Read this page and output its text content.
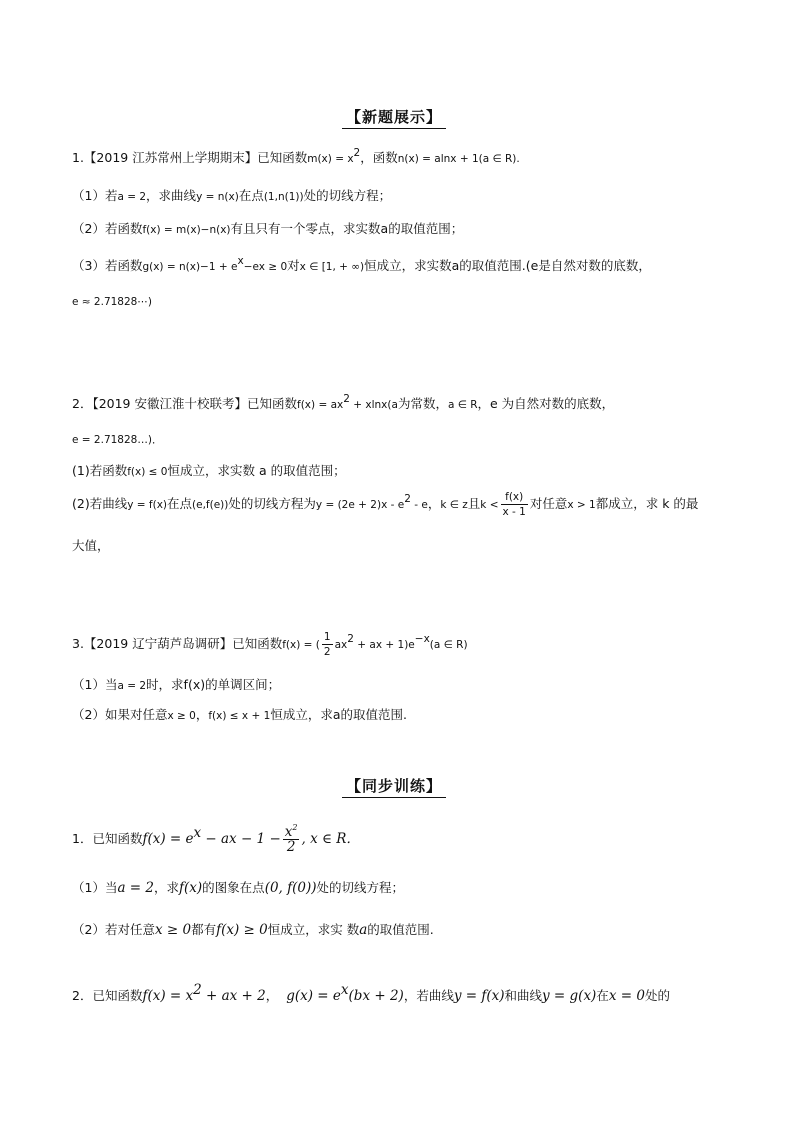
【新题展示】
1.【2019 江苏常州上学期期末】已知函数$m(x) = x^2$，函数n(x) = alnx + 1(a ∈ R).
（1）若a = 2，求曲线y = n(x)在点(1,n(1))处的切线方程；
（2）若函数f(x) = m(x)−n(x)有且只有一个零点，求实数a的取值范围；
（3）若函数$g(x) = n(x)-1 + e^x-ex \ge 0$对x ∈ [1, + ∞)恒成立，求实数a的取值范围.(e是自然对数的底数，
e ≈ 2.71828⋯)
2．【2019 安徽江淮十校联考】已知函数$f(x) = ax^2 + xlnx(a$为常数，a ∈ R，e 为自然对数的底数，
e = 2.71828…)．
(1)若函数f(x) ≤ 0恒成立，求实数 a 的取值范围；
(2)若曲线y = f(x)在点(e,f(e))处的切线方程为$y = (2e + 2)x - e^2 - e$，k ∈ z且$k < \frac{f(x)}{x - 1}$ 对任意x > 1都成立，求 k 的最
大值，
3.【2019 辽宁葫芦岛调研】已知函数f(x) = ( $\frac{1}{2} ax^2$ + ax + $1)e^{-x}(a$ ∈ R)
（1）当a = 2时，求f(x)的单调区间；
（2）如果对任意x ≥ 0，f(x) ≤ x + 1恒成立，求a的取值范围.
【同步训练】
1．已知函数$f(x) = e^x$ − ax − $1 - \frac{x^2}{2}$ , x ∈ R．
（1）当a = 2，求f(x)的图象在点(0, f(0))处的切线方程；
（2）若对任意x ≥ 0都有f(x) ≥ 0恒成立，求实 数a的取值范围.
2．已知函数$f(x) = x^2$ + ax + 2， $g(x) = e^x(bx + 2)$，若曲线y = f(x)和曲线y = g(x)在x = 0处的
